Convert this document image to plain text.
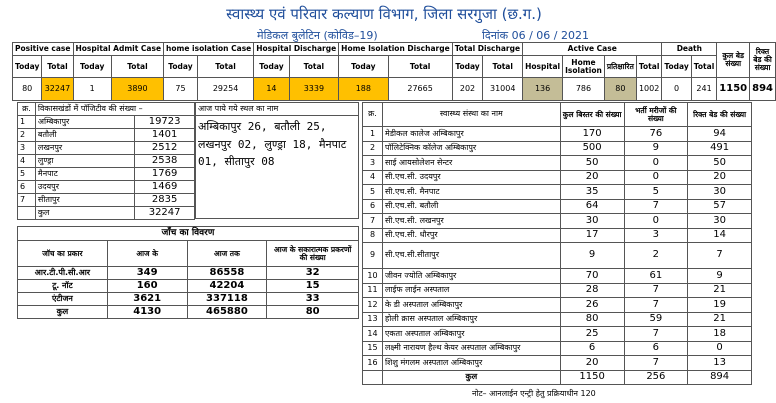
स्वास्थ्य एवं परिवार कल्याण विभाग, जिला सरगुजा (छ.ग.)
मेडिकल बुलेटिन (कोविड–19)	दिनांक 06 / 06 / 2021
Positive case		Hospital Admit Case		home isolation Case		Hospital Discharge		Home Isolation Discharge		Total Discharge		Active Case				Death		कुल बेड संख्या	रिक्त बेड की संख्या
Today	Total	Today	Total	Today	Total	Today	Total	Today	Total	Today	Total	Hospital	Home Isolation	प्रतिक्षारित	Total	Today	Total		
80	32247	1	3890	75	29254	14	3339	188	27665	202	31004	136	786	80	1002	0	241	1150	894
क्र.	विकासखंडों में पॉजिटीव की संख्या –	
1	अम्बिकापुर	19723
2	बतौली	1401
3	लखनपुर	2512
4	लुण्ड्रा	2538
5	मैनपाट	1769
6	उदयपुर	1469
7	सीतापुर	2835
	कुल	32247
आज पाये गये स्थल का नाम
अम्बिकापुर 26, बतौली 25, लखनपुर 02, लुण्ड्रा 18, मैनपाट 01, सीतापुर 08
जाँच का विवरण			
जॉच का प्रकार	आज के	आज तक	आज के सकारात्मक प्रकरणों की संख्या
आर.टी.पी.सी.आर	349	86558	32
टू. नॉट	160	42204	15
एंटीजन	3621	337118	33
कुल	4130	465880	80
क्र.	स्वास्थ्य संस्था का नाम	कुल बिस्तर की संख्या	भर्ती मरीजों की संख्या	रिक्त बेड की संख्या
1	मेडीकल कालेज अम्बिकापुर	170	76	94
2	पॉलिटेक्निक कॉलेज अम्बिकापुर	500	9	491
3	साई आयसोलेशन सेन्टर	50	0	50
4	सी.एच.सी. उदयपुर	20	0	20
5	सी.एच.सी. मैनपाट	35	5	30
6	सी.एच.सी. बतौली	64	7	57
7	सी.एच.सी. लखनपुर	30	0	30
8	सी.एच.सी. धौरपुर	17	3	14
9	सी.एच.सी.सीतापुर	9	2	7
10	जीवन ज्योति अम्बिकापुर	70	61	9
11	लाईफ लाईन अस्पताल	28	7	21
12	के डी अस्पताल अम्बिकापुर	26	7	19
13	होली क्रास अस्पताल अम्बिकापुर	80	59	21
14	एकता अस्पताल अम्बिकापुर	25	7	18
15	लक्ष्मी नारायण हैल्थ केयर अस्पताल अम्बिकापुर	6	6	0
16	शिशु मंगलम अस्पताल अम्बिकापुर	20	7	13
	कुल	1150	256	894
नोट– आनलाईन एन्ट्री हेतु प्रक्रियाधीन 120
